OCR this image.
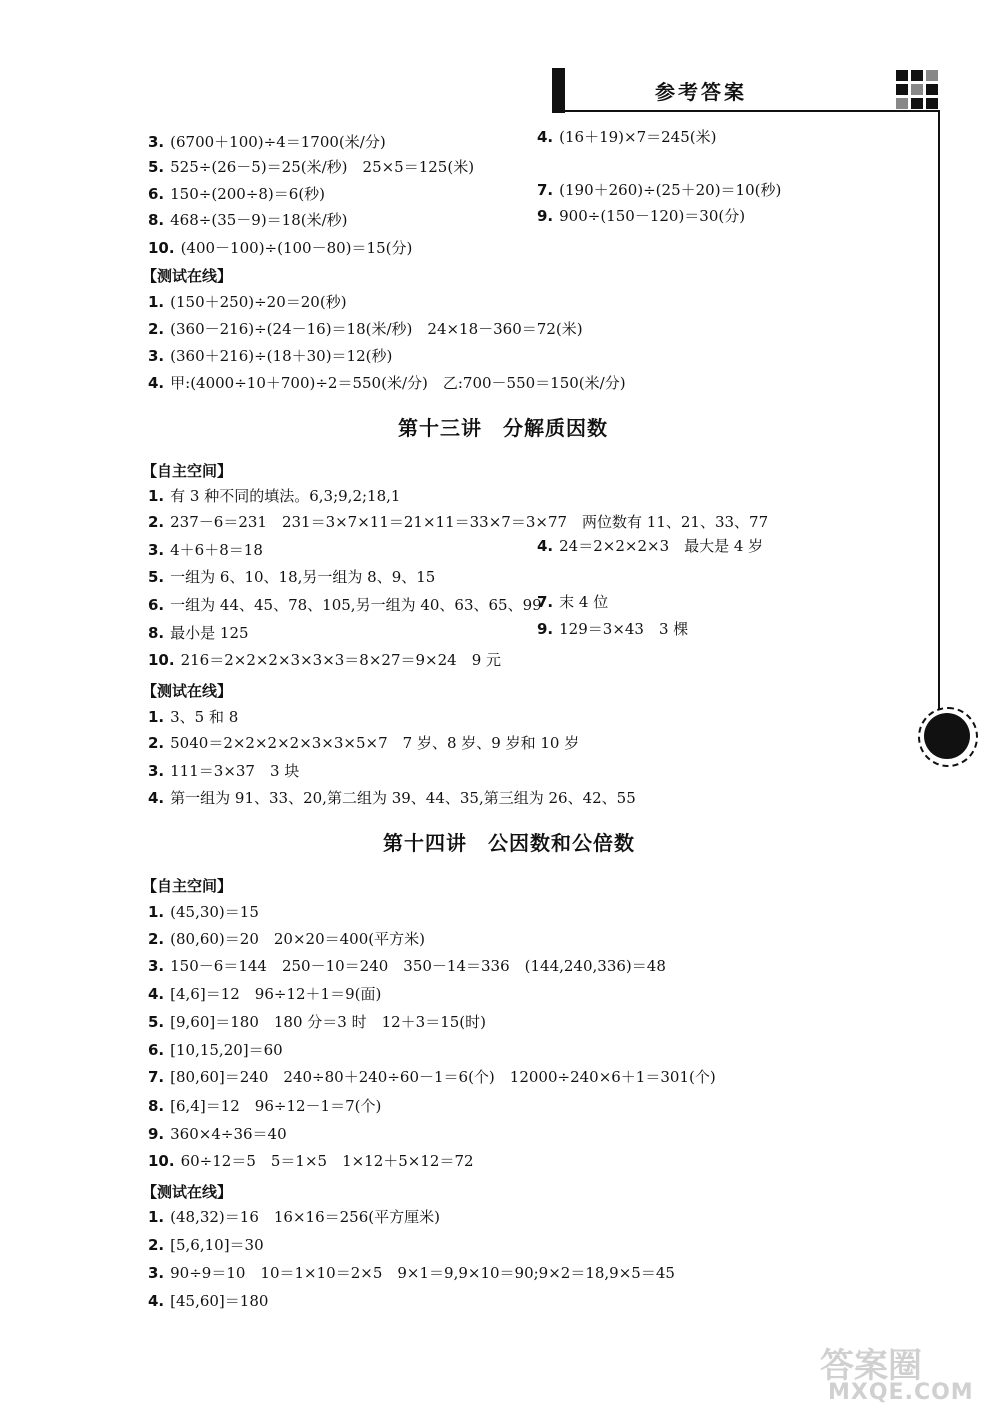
参考答案
3. (6700＋100)÷4＝1700(米/分)
5. 525÷(26－5)＝25(米/秒)　25×5＝125(米)
6. 150÷(200÷8)＝6(秒)
8. 468÷(35－9)＝18(米/秒)
10. (400－100)÷(100－80)＝15(分)
4. (16＋19)×7＝245(米)
7. (190＋260)÷(25＋20)＝10(秒)
9. 900÷(150－120)＝30(分)
【测试在线】
1. (150＋250)÷20＝20(秒)
2. (360－216)÷(24－16)＝18(米/秒)　24×18－360＝72(米)
3. (360＋216)÷(18＋30)＝12(秒)
4. 甲:(4000÷10＋700)÷2＝550(米/分)　乙:700－550＝150(米/分)
第十三讲　分解质因数
【自主空间】
1. 有 3 种不同的填法。6,3;9,2;18,1
2. 237－6＝231　231＝3×7×11＝21×11＝33×7＝3×77　两位数有 11、21、33、77
3. 4＋6＋8＝18	4. 24＝2×2×2×3　最大是 4 岁
5. 一组为 6、10、18,另一组为 8、9、15
6. 一组为 44、45、78、105,另一组为 40、63、65、99
7. 末 4 位
8. 最小是 125	9. 129＝3×43　3 棵
10. 216＝2×2×2×3×3×3＝8×27＝9×24　9 元
【测试在线】
1. 3、5 和 8
2. 5040＝2×2×2×2×3×3×5×7　7 岁、8 岁、9 岁和 10 岁
3. 111＝3×37　3 块
4. 第一组为 91、33、20,第二组为 39、44、35,第三组为 26、42、55
第十四讲　公因数和公倍数
【自主空间】
1. (45,30)＝15
2. (80,60)＝20　20×20＝400(平方米)
3. 150－6＝144　250－10＝240　350－14＝336　(144,240,336)＝48
4. [4,6]＝12　96÷12＋1＝9(面)
5. [9,60]＝180　180 分＝3 时　12＋3＝15(时)
6. [10,15,20]＝60
7. [80,60]＝240　240÷80＋240÷60－1＝6(个)　12000÷240×6＋1＝301(个)
8. [6,4]＝12　96÷12－1＝7(个)
9. 360×4÷36＝40
10. 60÷12＝5　5＝1×5　1×12＋5×12＝72
【测试在线】
1. (48,32)＝16　16×16＝256(平方厘米)
2. [5,6,10]＝30
3. 90÷9＝10　10＝1×10＝2×5　9×1＝9,9×10＝90;9×2＝18,9×5＝45
4. [45,60]＝180
答案圈
MXQE.COM
